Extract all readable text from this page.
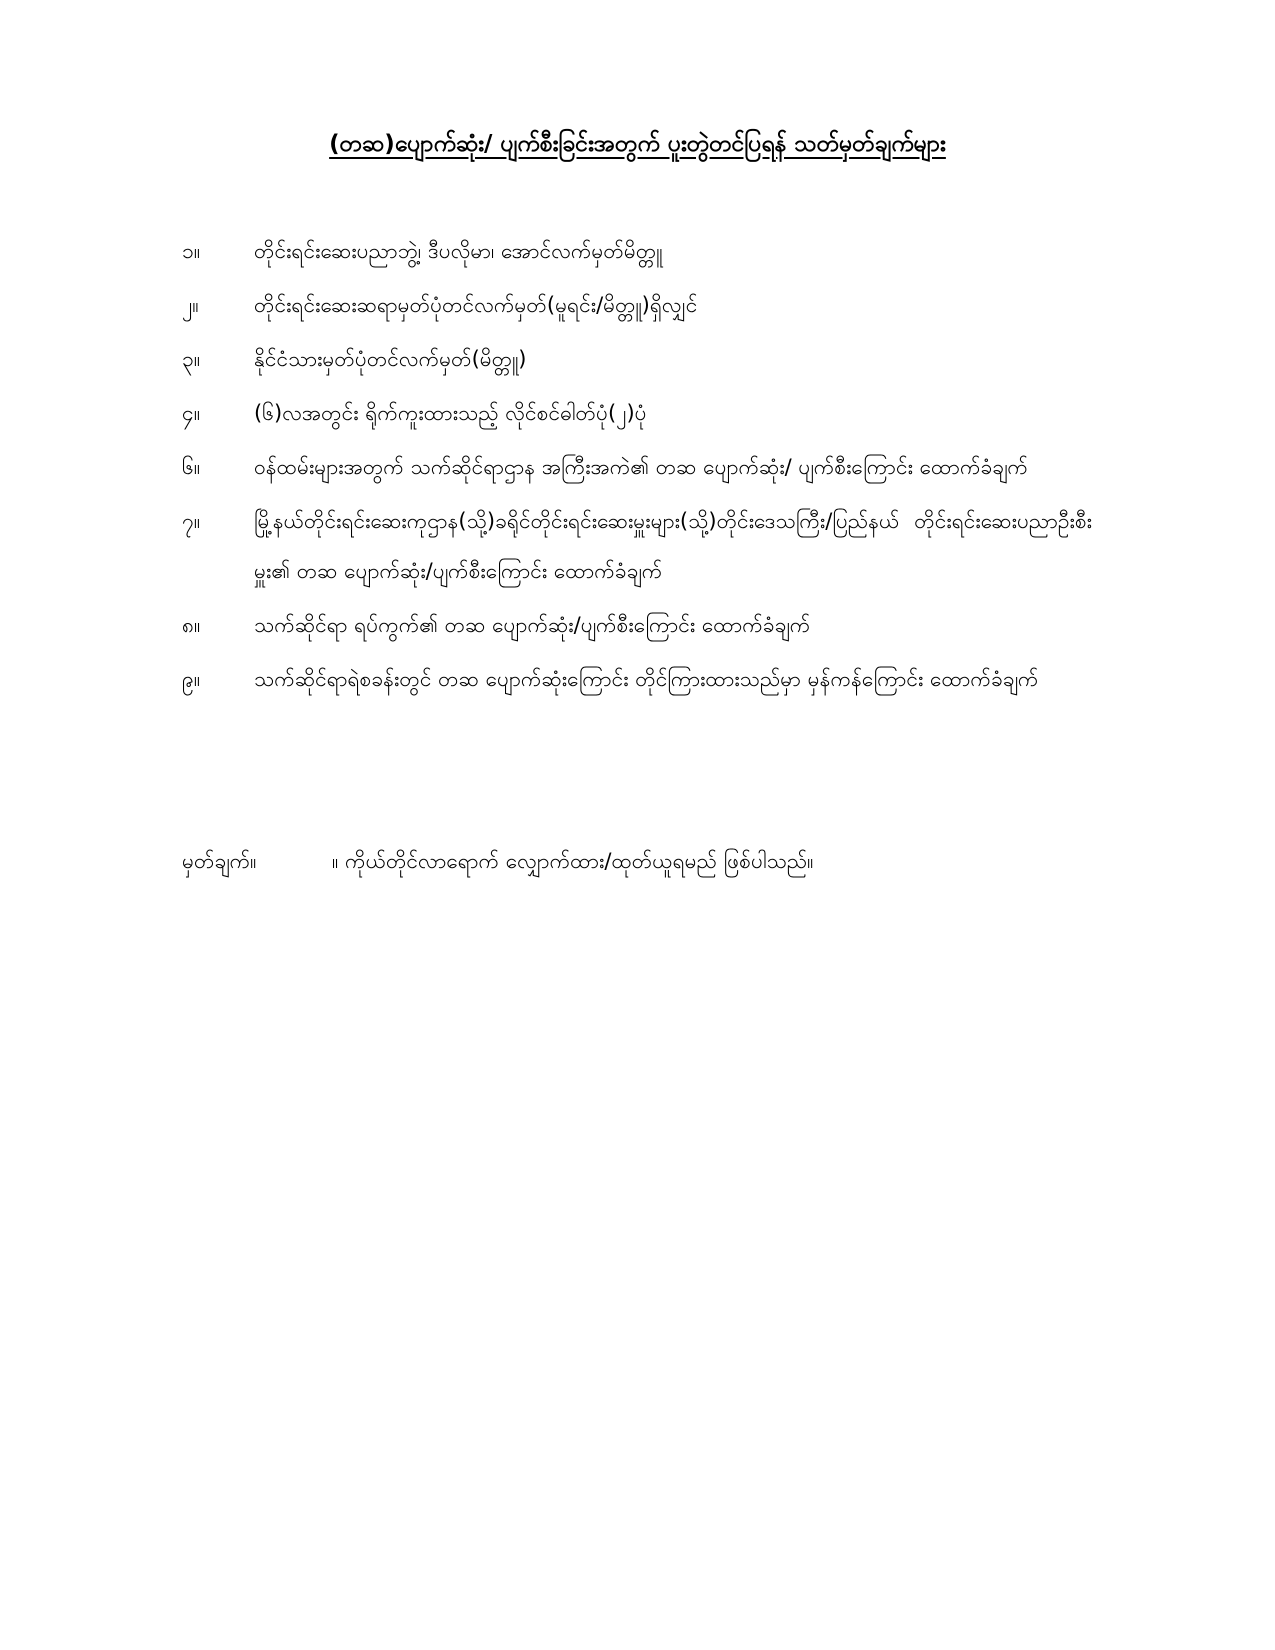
(တဆ)ပျောက်ဆုံး/ ပျက်စီးခြင်းအတွက် ပူးတွဲတင်ပြရန် သတ်မှတ်ချက်များ
၁။	တိုင်းရင်းဆေးပညာဘွဲ့၊ ဒီပလိုမာ၊ အောင်လက်မှတ်မိတ္တူ
၂။	တိုင်းရင်းဆေးဆရာမှတ်ပုံတင်လက်မှတ်(မူရင်း/မိတ္တူ)ရှိလျှင်
၃။	နိုင်ငံသားမှတ်ပုံတင်လက်မှတ်(မိတ္တူ)
၄။	(၆)လအတွင်း ရိုက်ကူးထားသည့် လိုင်စင်ဓါတ်ပုံ(၂)ပုံ
၆။	ဝန်ထမ်းများအတွက် သက်ဆိုင်ရာဌာန အကြီးအကဲ၏ တဆ ပျောက်ဆုံး/ ပျက်စီးကြောင်း ထောက်ခံချက်
၇။	မြို့နယ်တိုင်းရင်းဆေးကုဌာန(သို့)ခရိုင်တိုင်းရင်းဆေးမှူးများ(သို့)တိုင်းဒေသကြီး/ပြည်နယ် တိုင်းရင်းဆေးပညာဦးစီးမှူး၏ တဆ ပျောက်ဆုံး/ပျက်စီးကြောင်း ထောက်ခံချက်
၈။	သက်ဆိုင်ရာ ရပ်ကွက်၏ တဆ ပျောက်ဆုံး/ပျက်စီးကြောင်း ထောက်ခံချက်
၉။	သက်ဆိုင်ရာရဲစခန်းတွင် တဆ ပျောက်ဆုံးကြောင်း တိုင်ကြားထားသည်မှာ မှန်ကန်ကြောင်း ထောက်ခံချက်
မှတ်ချက်။	။ ကိုယ်တိုင်လာရောက် လျှောက်ထား/ထုတ်ယူရမည် ဖြစ်ပါသည်။
